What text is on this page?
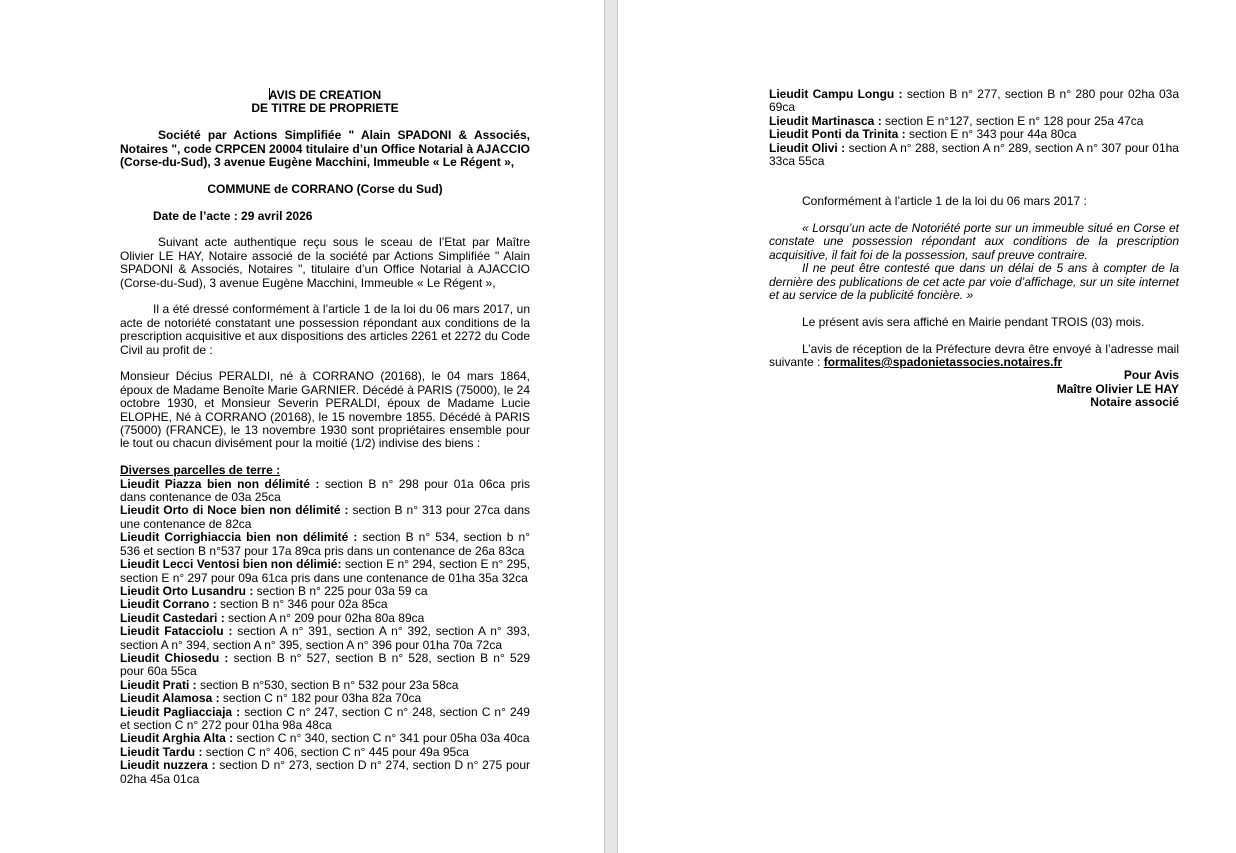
AVIS DE CREATION

DE TITRE DE PROPRIETE

Société par Actions Simplifiée " Alain SPADONI & Associés, Notaires ", code CRPCEN 20004 titulaire d’un Office Notarial à AJACCIO (Corse-du-Sud), 3 avenue Eugène Macchini, Immeuble « Le Régent »,

COMMUNE de CORRANO (Corse du Sud)

Date de l’acte : 29 avril 2026

Suivant acte authentique reçu sous le sceau de l’Etat par Maître Olivier LE HAY, Notaire associé de la société par Actions Simplifiée " Alain SPADONI & Associés, Notaires ", titulaire d’un Office Notarial à AJACCIO (Corse-du-Sud), 3 avenue Eugène Macchini, Immeuble « Le Régent »,

Il a été dressé conformément à l’article 1 de la loi du 06 mars 2017, un acte de notoriété constatant une possession répondant aux conditions de la prescription acquisitive et aux dispositions des articles 2261 et 2272 du Code Civil au profit de :

Monsieur Décius PERALDI, né à CORRANO (20168), le 04 mars 1864, époux de Madame Benoîte Marie GARNIER. Décédé à PARIS (75000), le 24 octobre 1930, et Monsieur Severin PERALDI, époux de Madame Lucie ELOPHE, Né à CORRANO (20168), le 15 novembre 1855. Décédé à PARIS (75000) (FRANCE), le 13 novembre 1930 sont propriétaires ensemble pour le tout ou chacun divisément pour la moitié (1/2) indivise des biens :

Diverses parcelles de terre :

Lieudit Piazza bien non délimité : section B n° 298 pour 01a 06ca pris dans contenance de 03a 25ca

Lieudit Orto di Noce bien non délimité : section B n° 313 pour 27ca dans une contenance de 82ca

Lieudit Corrighiaccia bien non délimité : section B n° 534, section b n° 536 et section B n°537 pour 17a 89ca pris dans un contenance de 26a 83ca

Lieudit Lecci Ventosi bien non délimié: section E n° 294, section E n° 295, section E n° 297 pour 09a 61ca pris dans une contenance de 01ha 35a 32ca

Lieudit Orto Lusandru : section B n° 225 pour 03a 59 ca

Lieudit Corrano : section B n° 346 pour 02a 85ca

Lieudit Castedari : section A n° 209 pour 02ha 80a 89ca

Lieudit Fatacciolu : section A n° 391, section A n° 392, section A n° 393, section A n° 394, section A n° 395, section A n° 396 pour 01ha 70a 72ca

Lieudit Chiosedu : section B n° 527, section B n° 528, section B n° 529 pour 60a 55ca

Lieudit Prati : section B n°530, section B n° 532 pour 23a 58ca

Lieudit Alamosa : section C n° 182 pour 03ha 82a 70ca

Lieudit Pagliacciaja : section C n° 247, section C n° 248, section C n° 249 et section C n° 272 pour 01ha 98a 48ca

Lieudit Arghia Alta : section C n° 340, section C n° 341 pour 05ha 03a 40ca

Lieudit Tardu : section C n° 406, section C n° 445 pour 49a 95ca

Lieudit nuzzera : section D n° 273, section D n° 274, section D n° 275 pour 02ha 45a 01ca

Lieudit Campu Longu : section B n° 277, section B n° 280 pour 02ha 03a 69ca

Lieudit Martinasca : section E n°127, section E n° 128 pour 25a 47ca

Lieudit Ponti da Trinita : section E n° 343 pour 44a 80ca

Lieudit Olivi : section A n° 288, section A n° 289, section A n° 307 pour 01ha 33ca 55ca

Conformément à l’article 1 de la loi du 06 mars 2017 :

« Lorsqu’un acte de Notoriété porte sur un immeuble situé en Corse et constate une possession répondant aux conditions de la prescription acquisitive, il fait foi de la possession, sauf preuve contraire.

Il ne peut être contesté que dans un délai de 5 ans à compter de la dernière des publications de cet acte par voie d’affichage, sur un site internet et au service de la publicité foncière. »

Le présent avis sera affiché en Mairie pendant TROIS (03) mois.

L’avis de réception de la Préfecture devra être envoyé à l’adresse mail suivante : formalites@spadonietassocies.notaires.fr

Pour Avis

Maître Olivier LE HAY

Notaire associé
